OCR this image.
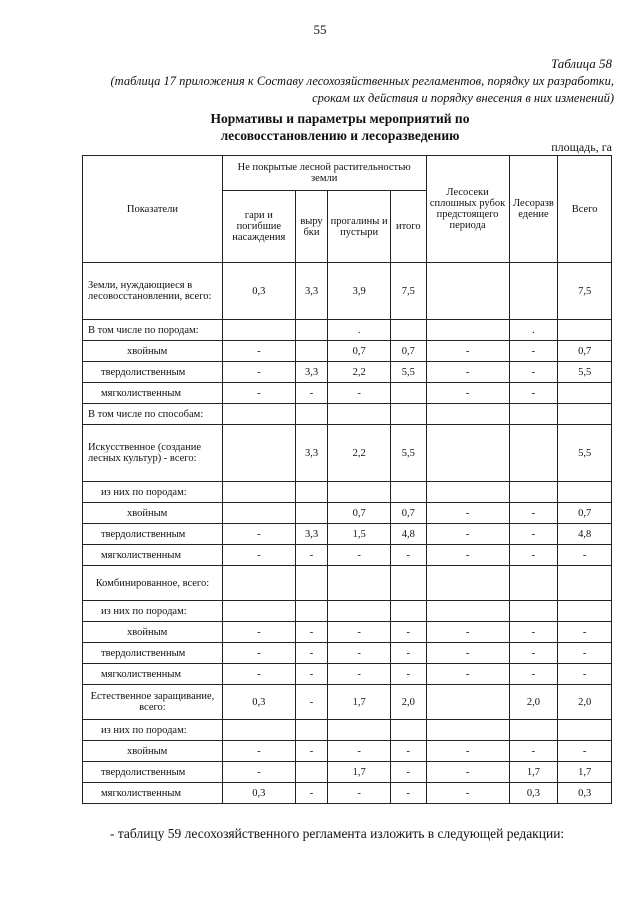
55
Таблица 58
(таблица 17 приложения к Составу лесохозяйственных регламентов, порядку их разработки, срокам их действия и порядку внесения в них изменений)
Нормативы и параметры мероприятий по лесовосстановлению и лесоразведению
площадь, га
Показатели	Не покрытые лесной растительностью земли				Лесосеки сплошных рубок предстоящего периода	Лесоразведение	Всего
	гари и погибшие насаждения	вырубки	прогалины и пустыри	итого			
Земли, нуждающиеся в лесовосстановлении, всего:	0,3	3,3	3,9	7,5			7,5
В том числе по породам:			.			.	
хвойным	-		0,7	0,7	-	-	0,7
твердолиственным	-	3,3	2,2	5,5	-	-	5,5
мягколиственным	-	-	-		-	-	
В том числе по способам:							
Искусственное (создание лесных культур) - всего:		3,3	2,2	5,5			5,5
из них по породам:							
хвойным			0,7	0,7	-	-	0,7
твердолиственным	-	3,3	1,5	4,8	-	-	4,8
мягколиственным	-	-	-	-	-	-	-
Комбинированное, всего:							
из них по породам:							
хвойным	-	-	-	-	-	-	-
твердолиственным	-	-	-	-	-	-	-
мягколиственным	-	-	-	-	-	-	-
Естественное заращивание, всего:	0,3	-	1,7	2,0		2,0	2,0
из них по породам:							
хвойным	-	-	-	-	-	-	-
твердолиственным	-		1,7	-	-	1,7	1,7
мягколиственным	0,3	-	-	-	-	0,3	0,3
- таблицу 59 лесохозяйственного регламента изложить в следующей редакции:
